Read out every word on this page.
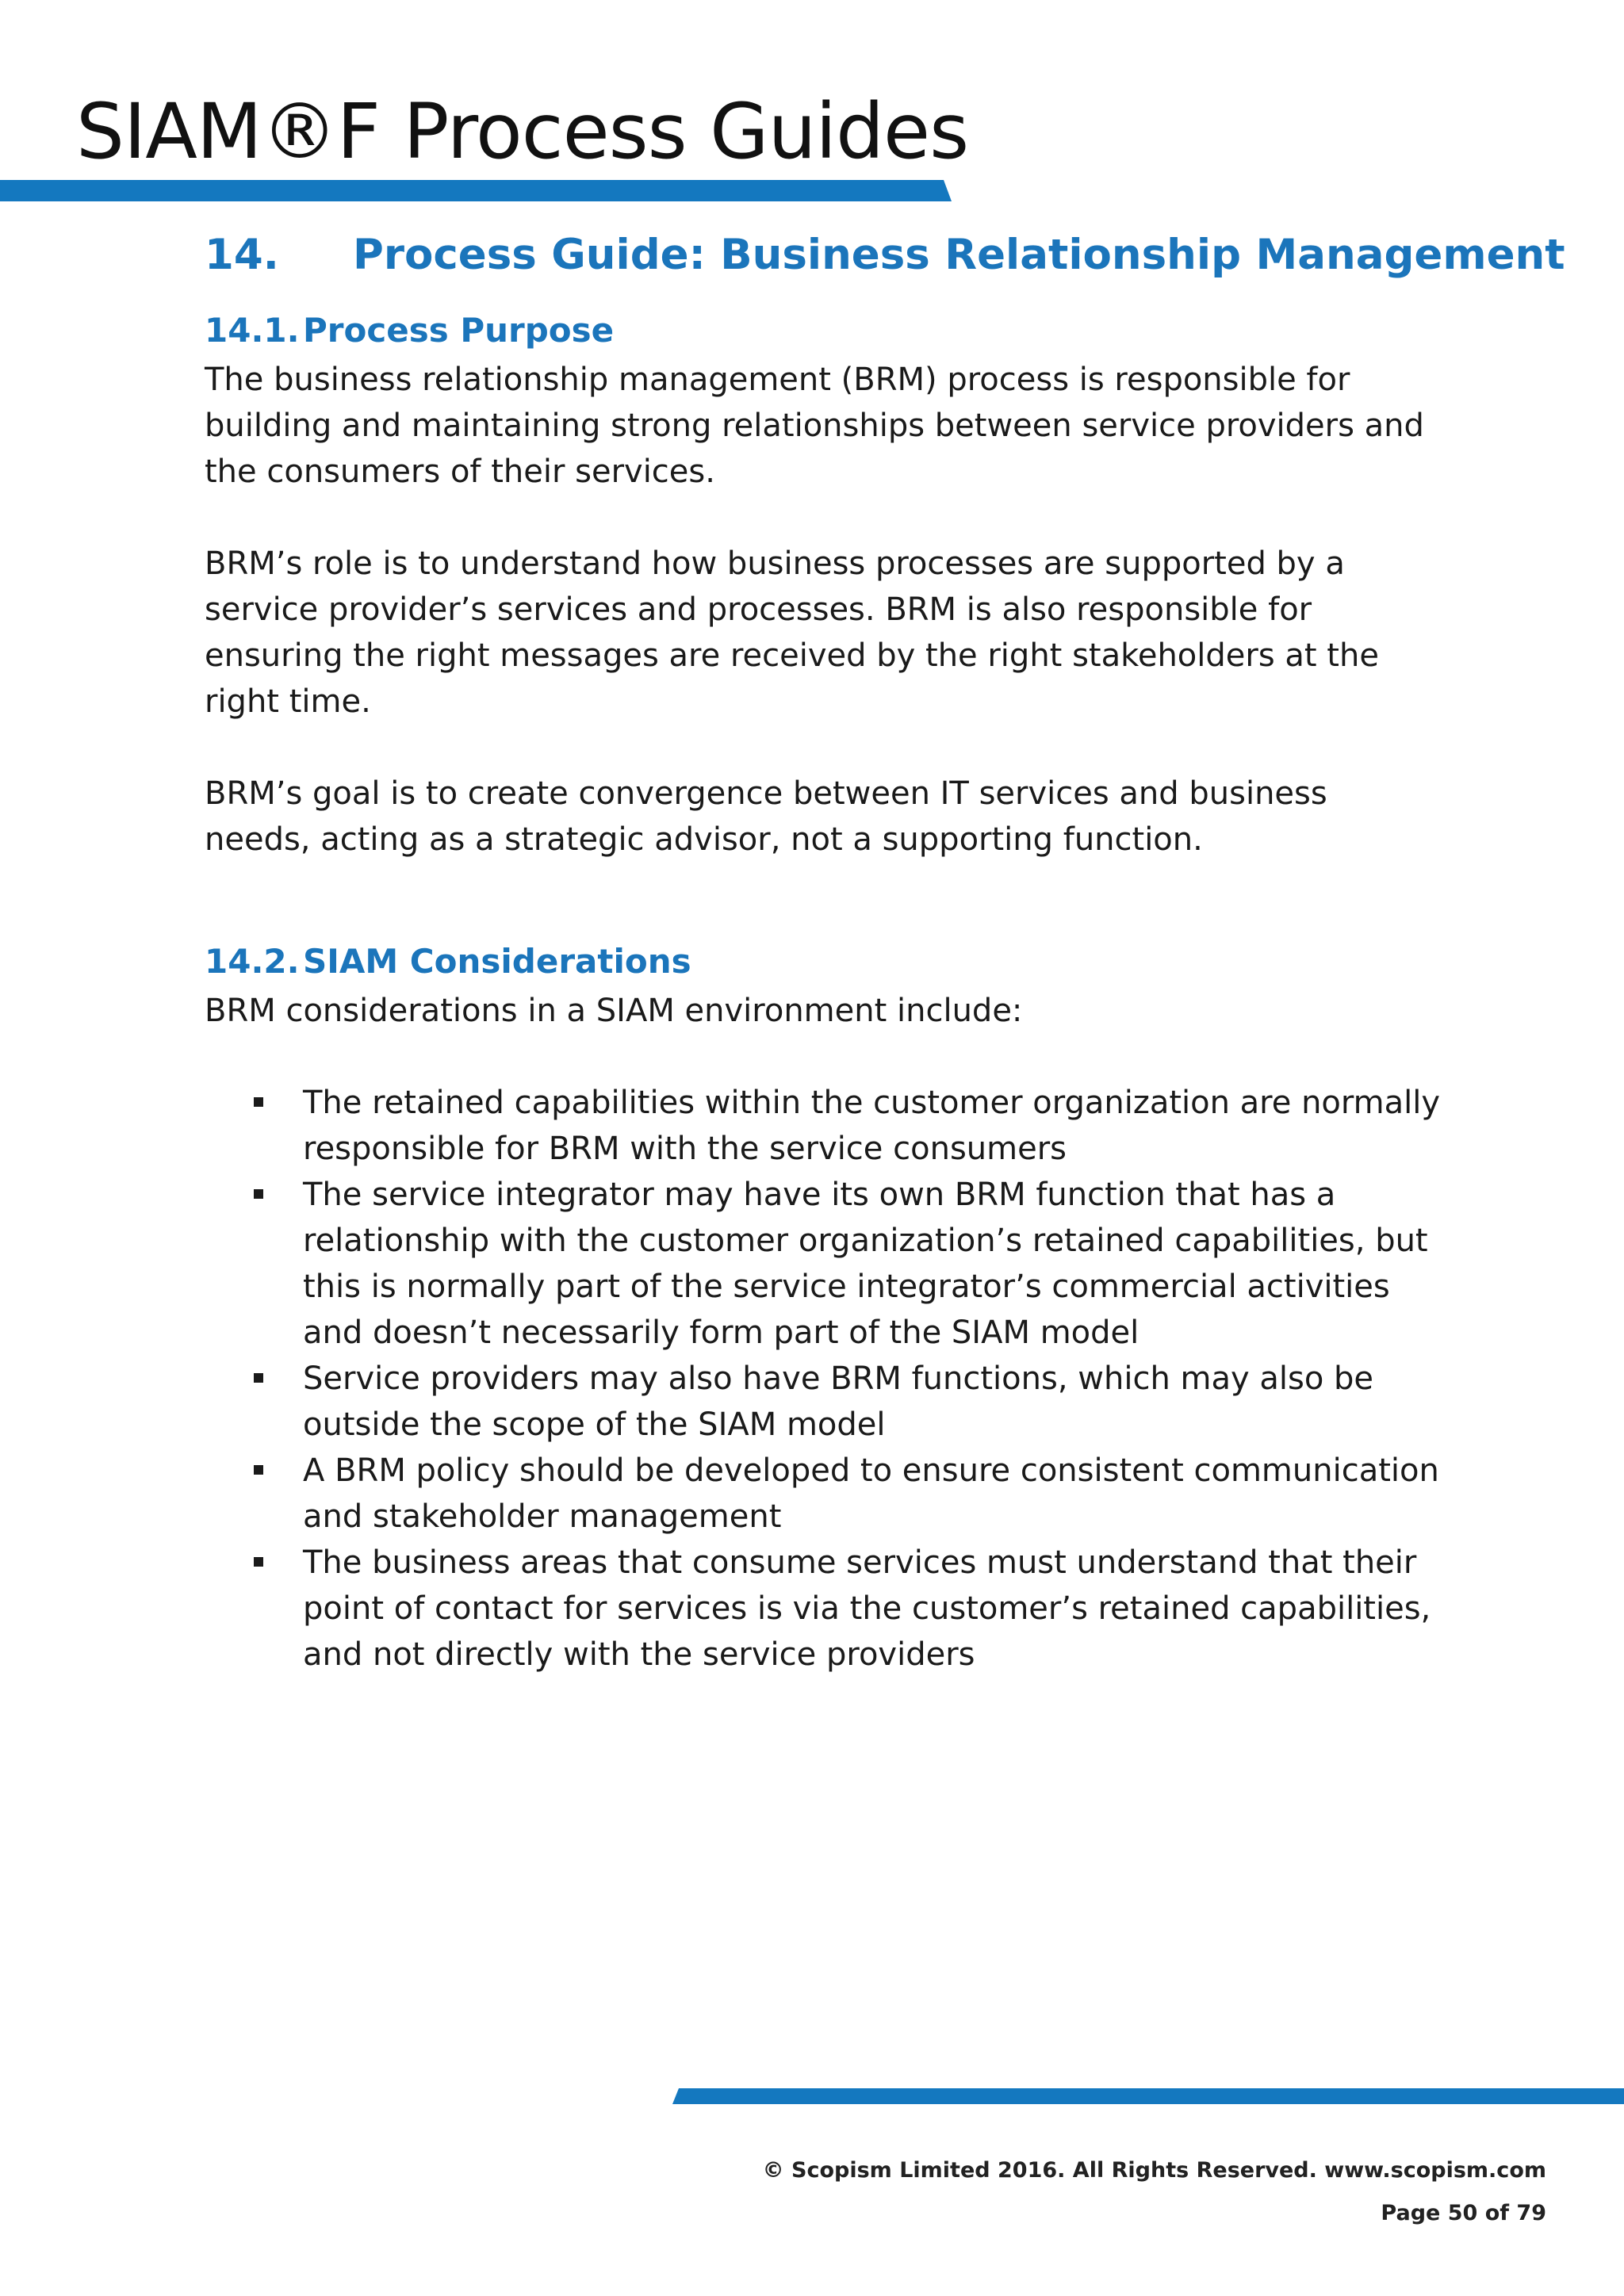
SIAM®F Process Guides
14. Process Guide: Business Relationship Management
14.1. Process Purpose

The business relationship management (BRM) process is responsible for building and maintaining strong relationships between service providers and the consumers of their services.

BRM’s role is to understand how business processes are supported by a service provider’s services and processes. BRM is also responsible for ensuring the right messages are received by the right stakeholders at the right time.

BRM’s goal is to create convergence between IT services and business needs, acting as a strategic advisor, not a supporting function.

14.2. SIAM Considerations

BRM considerations in a SIAM environment include:

The retained capabilities within the customer organization are normally responsible for BRM with the service consumers
The service integrator may have its own BRM function that has a relationship with the customer organization’s retained capabilities, but this is normally part of the service integrator’s commercial activities and doesn’t necessarily form part of the SIAM model
Service providers may also have BRM functions, which may also be outside the scope of the SIAM model
A BRM policy should be developed to ensure consistent communication and stakeholder management
The business areas that consume services must understand that their point of contact for services is via the customer’s retained capabilities, and not directly with the service providers
© Scopism Limited 2016. All Rights Reserved. www.scopism.com
Page 50 of 79
